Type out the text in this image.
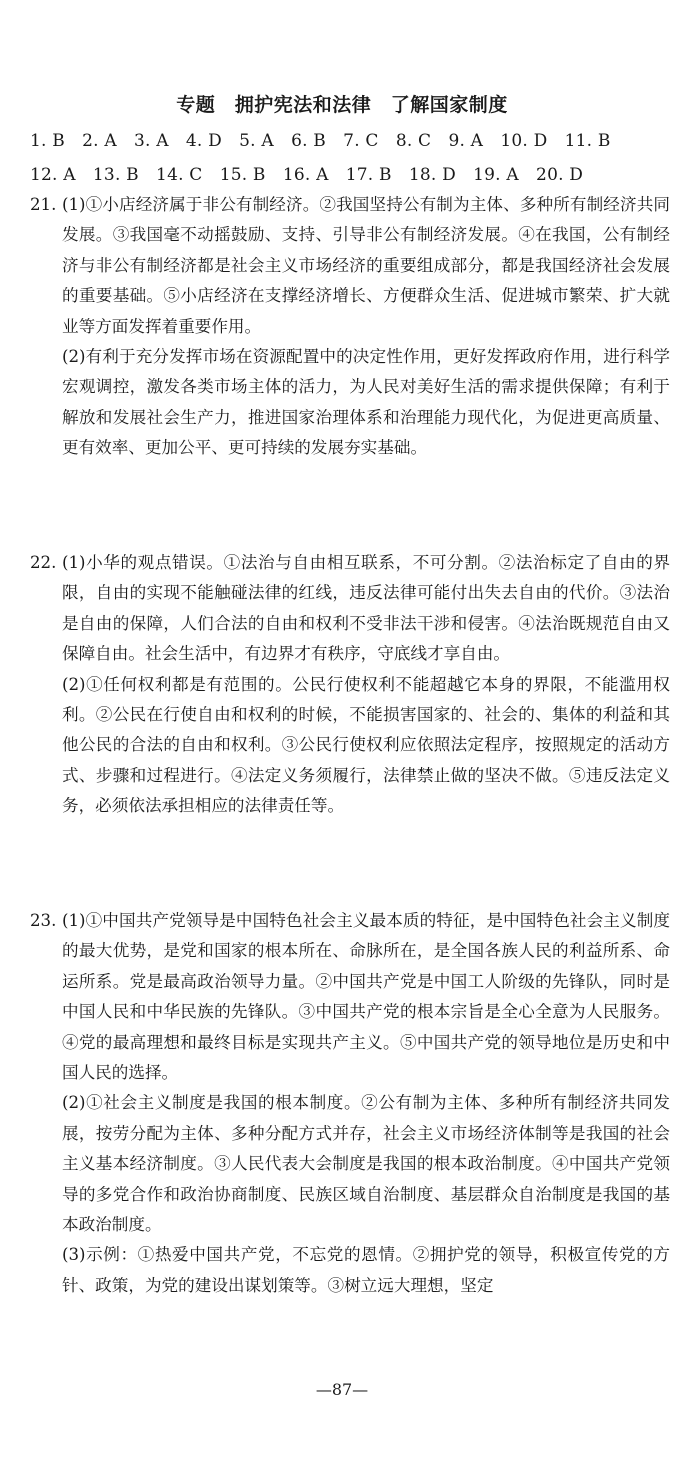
专题　拥护宪法和法律　了解国家制度
1. B　2. A　3. A　4. D　5. A　6. B　7. C　8. C　9. A　10. D　11. B
12. A　13. B　14. C　15. B　16. A　17. B　18. D　19. A　20. D
21. (1)①小店经济属于非公有制经济。②我国坚持公有制为主体、多种所有制经济共同发展。③我国毫不动摇鼓励、支持、引导非公有制经济发展。④在我国，公有制经济与非公有制经济都是社会主义市场经济的重要组成部分，都是我国经济社会发展的重要基础。⑤小店经济在支撑经济增长、方便群众生活、促进城市繁荣、扩大就业等方面发挥着重要作用。
(2)有利于充分发挥市场在资源配置中的决定性作用，更好发挥政府作用，进行科学宏观调控，激发各类市场主体的活力，为人民对美好生活的需求提供保障；有利于解放和发展社会生产力，推进国家治理体系和治理能力现代化，为促进更高质量、更有效率、更加公平、更可持续的发展夯实基础。
22. (1)小华的观点错误。①法治与自由相互联系，不可分割。②法治标定了自由的界限，自由的实现不能触碰法律的红线，违反法律可能付出失去自由的代价。③法治是自由的保障，人们合法的自由和权利不受非法干涉和侵害。④法治既规范自由又保障自由。社会生活中，有边界才有秩序，守底线才享自由。
(2)①任何权利都是有范围的。公民行使权利不能超越它本身的界限，不能滥用权利。②公民在行使自由和权利的时候，不能损害国家的、社会的、集体的利益和其他公民的合法的自由和权利。③公民行使权利应依照法定程序，按照规定的活动方式、步骤和过程进行。④法定义务须履行，法律禁止做的坚决不做。⑤违反法定义务，必须依法承担相应的法律责任等。
23. (1)①中国共产党领导是中国特色社会主义最本质的特征，是中国特色社会主义制度的最大优势，是党和国家的根本所在、命脉所在，是全国各族人民的利益所系、命运所系。党是最高政治领导力量。②中国共产党是中国工人阶级的先锋队，同时是中国人民和中华民族的先锋队。③中国共产党的根本宗旨是全心全意为人民服务。④党的最高理想和最终目标是实现共产主义。⑤中国共产党的领导地位是历史和中国人民的选择。
(2)①社会主义制度是我国的根本制度。②公有制为主体、多种所有制经济共同发展，按劳分配为主体、多种分配方式并存，社会主义市场经济体制等是我国的社会主义基本经济制度。③人民代表大会制度是我国的根本政治制度。④中国共产党领导的多党合作和政治协商制度、民族区域自治制度、基层群众自治制度是我国的基本政治制度。
(3)示例：①热爱中国共产党，不忘党的恩情。②拥护党的领导，积极宣传党的方针、政策，为党的建设出谋划策等。③树立远大理想，坚定
—87—
